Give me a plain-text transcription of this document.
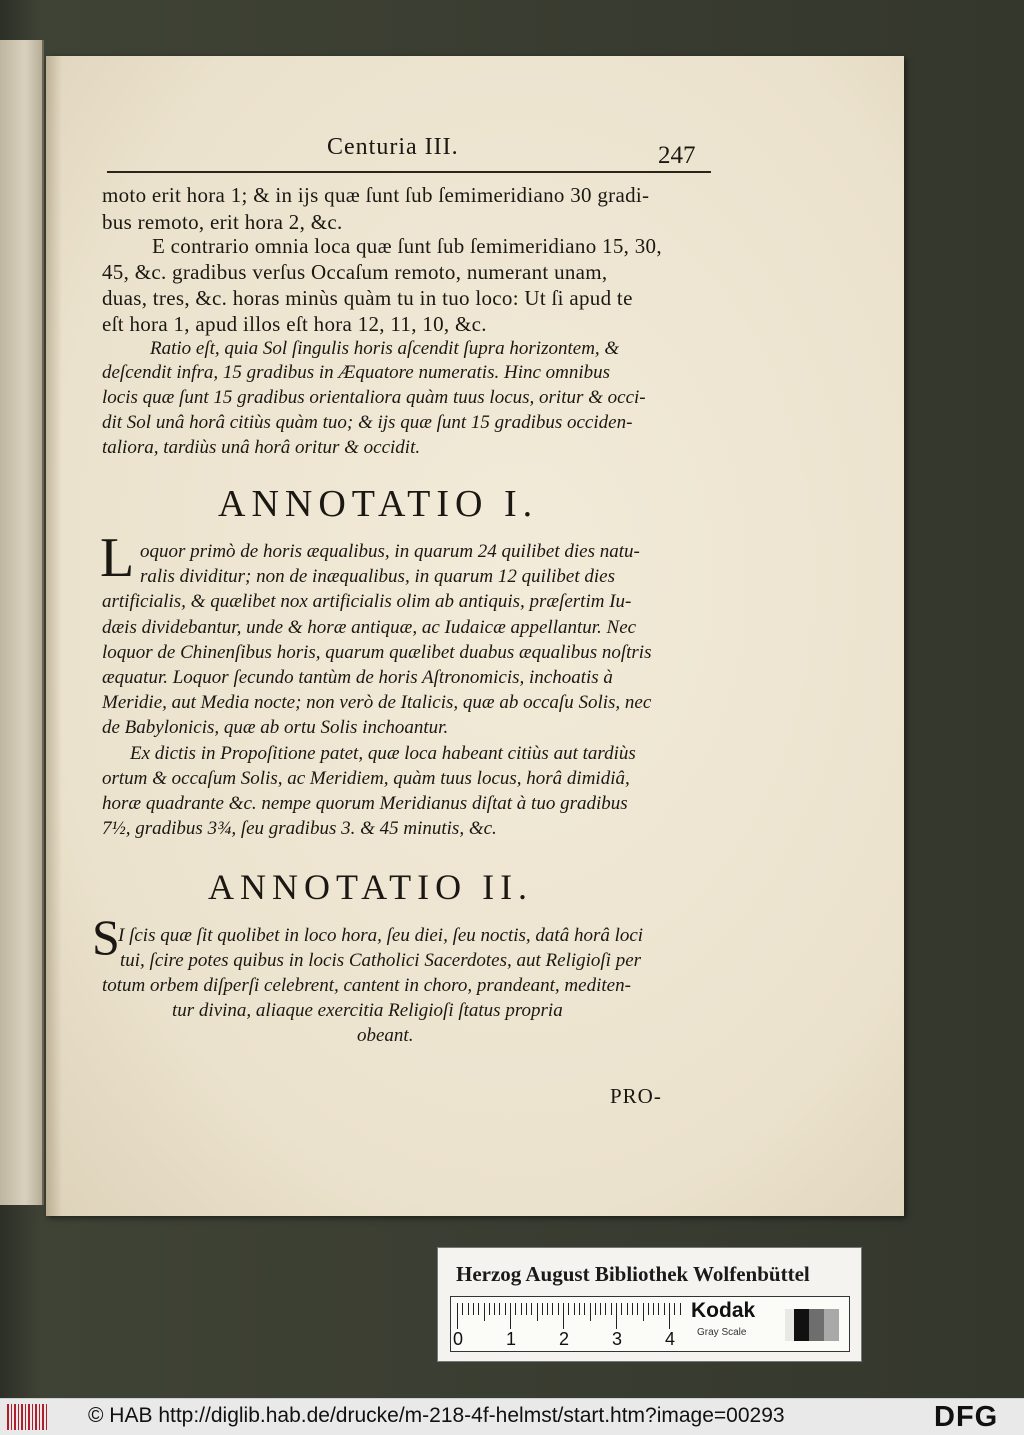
Centuria III.	247
moto erit hora 1; & in ijs quæ ſunt ſub ſemimeridiano 30 gradi-
bus remoto, erit hora 2, &c.
E contrario omnia loca quæ ſunt ſub ſemimeridiano 15, 30,
45, &c. gradibus verſus Occaſum remoto, numerant unam,
duas, tres, &c. horas minùs quàm tu in tuo loco: Ut ſi apud te
eſt hora 1, apud illos eſt hora 12, 11, 10, &c.
Ratio eſt, quia Sol ſingulis horis aſcendit ſupra horizontem, &
deſcendit infra, 15 gradibus in Æquatore numeratis. Hinc omnibus
locis quæ ſunt 15 gradibus orientaliora quàm tuus locus, oritur & occi-
dit Sol unâ horâ citiùs quàm tuo; & ijs quæ ſunt 15 gradibus occiden-
taliora, tardiùs unâ horâ oritur & occidit.
ANNOTATIO I.
L oquor primò de horis æqualibus, in quarum 24 quilibet dies natu-
ralis dividitur; non de inæqualibus, in quarum 12 quilibet dies
artificialis, & quælibet nox artificialis olim ab antiquis, præſertim Iu-
dæis dividebantur, unde & horæ antiquæ, ac Iudaicæ appellantur. Nec
loquor de Chinenſibus horis, quarum quælibet duabus æqualibus noſtris
æquatur. Loquor ſecundo tantùm de horis Aſtronomicis, inchoatis à
Meridie, aut Media nocte; non verò de Italicis, quæ ab occaſu Solis, nec
de Babylonicis, quæ ab ortu Solis inchoantur.
Ex dictis in Propoſitione patet, quæ loca habeant citiùs aut tardiùs
ortum & occaſum Solis, ac Meridiem, quàm tuus locus, horâ dimidiâ,
horæ quadrante &c. nempe quorum Meridianus diſtat à tuo gradibus
7½, gradibus 3¾, ſeu gradibus 3. & 45 minutis, &c.
ANNOTATIO II.
S
I ſcis quæ ſit quolibet in loco hora, ſeu diei, ſeu noctis, datâ horâ loci
tui, ſcire potes quibus in locis Catholici Sacerdotes, aut Religioſi per
totum orbem diſperſi celebrent, cantent in choro, prandeant, mediten-
tur divina, aliaque exercitia Religioſi ſtatus propria
obeant.
PRO-
Herzog August Bibliothek Wolfenbüttel
0 1 2 3 4
Kodak
Gray Scale
© HAB http://diglib.hab.de/drucke/m-218-4f-helmst/start.htm?image=00293	DFG
